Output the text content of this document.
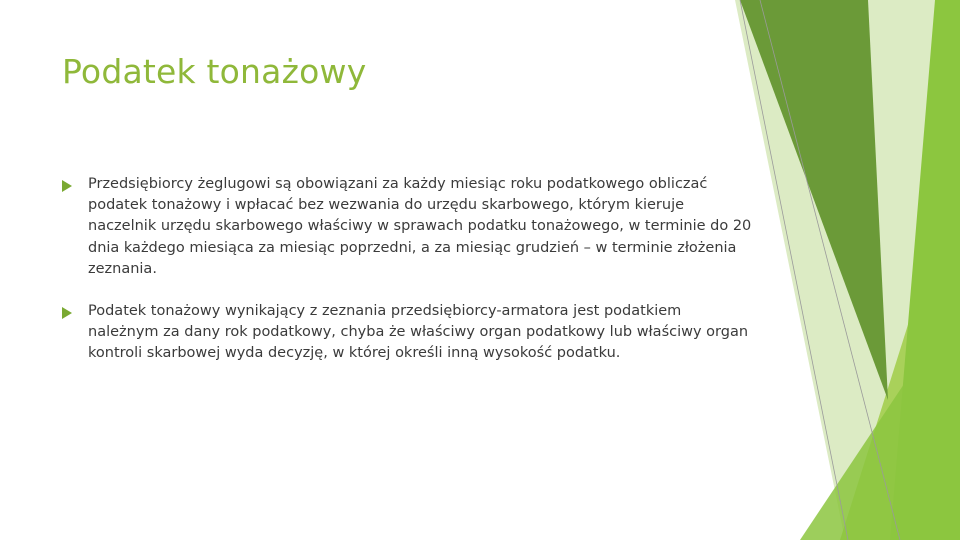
Podatek tonażowy
Przedsiębiorcy żeglugowi są obowiązani za każdy miesiąc roku podatkowego obliczać podatek tonażowy i wpłacać bez wezwania do urzędu skarbowego, którym kieruje naczelnik urzędu skarbowego właściwy w sprawach podatku tonażowego, w terminie do 20 dnia każdego miesiąca za miesiąc poprzedni, a za miesiąc grudzień – w terminie złożenia zeznania.
Podatek tonażowy wynikający z zeznania przedsiębiorcy-armatora jest podatkiem należnym za dany rok podatkowy, chyba że właściwy organ podatkowy lub właściwy organ kontroli skarbowej wyda decyzję, w której określi inną wysokość podatku.
